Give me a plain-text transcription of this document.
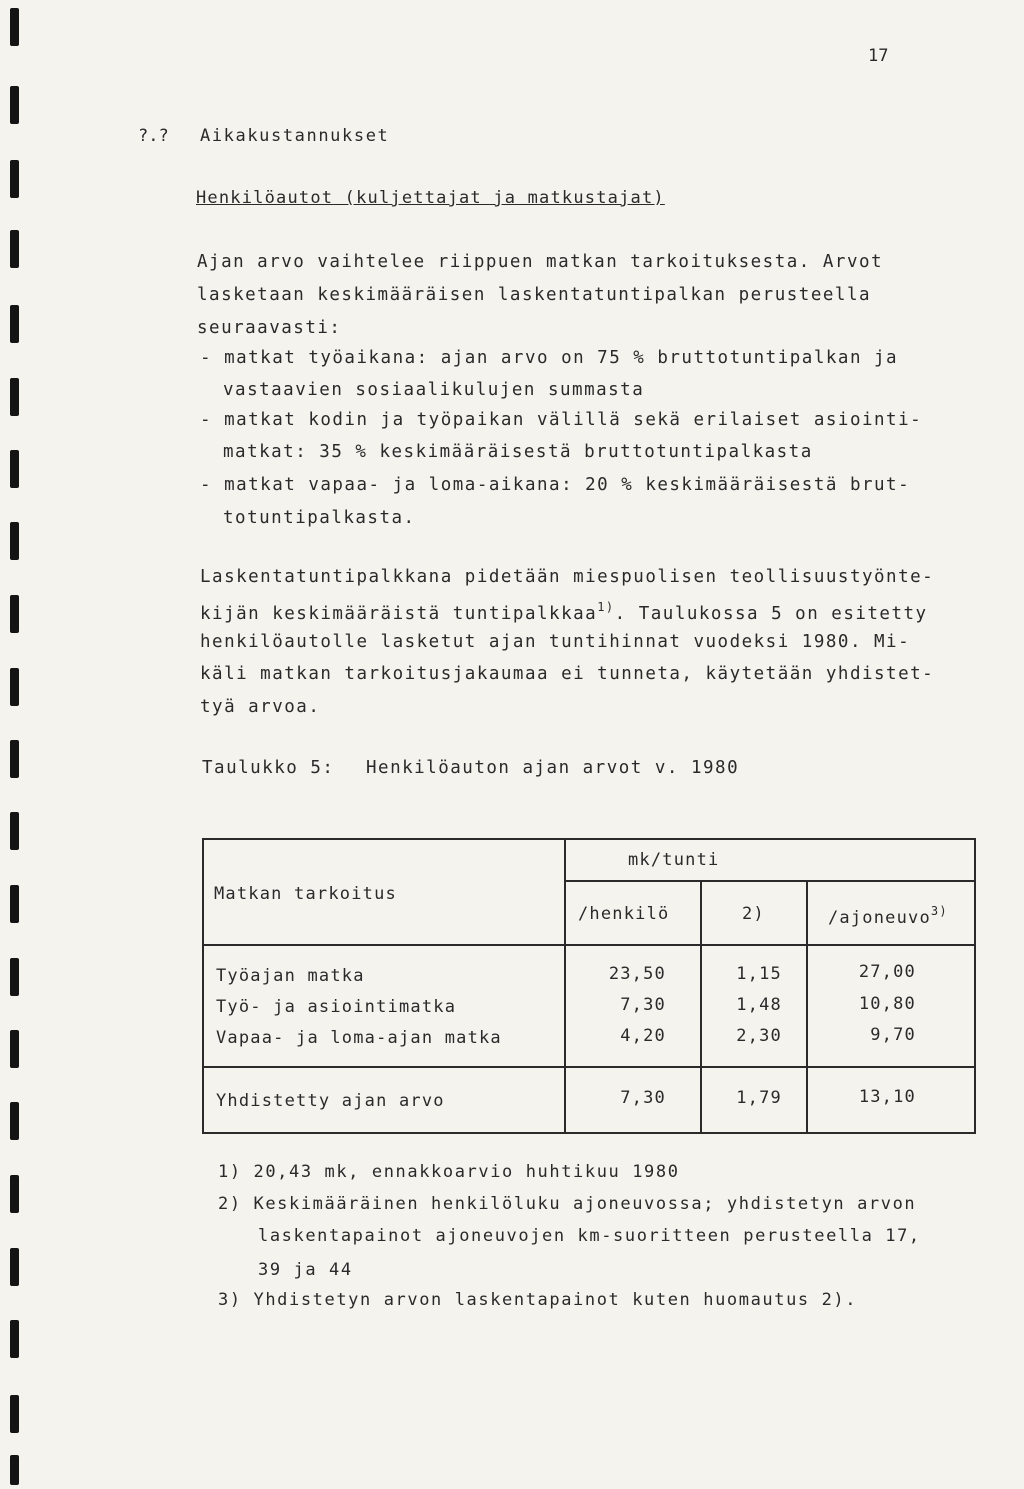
17
?.? Aikakustannukset
Henkilöautot (kuljettajat ja matkustajat)
Ajan arvo vaihtelee riippuen matkan tarkoituksesta. Arvot
lasketaan keskimääräisen laskentatuntipalkan perusteella
seuraavasti:
- matkat työaikana: ajan arvo on 75 % bruttotuntipalkan ja
vastaavien sosiaalikulujen summasta
- matkat kodin ja työpaikan välillä sekä erilaiset asiointi-
matkat: 35 % keskimääräisestä bruttotuntipalkasta
- matkat vapaa- ja loma-aikana: 20 % keskimääräisestä brut-
totuntipalkasta.
Laskentatuntipalkkana pidetään miespuolisen teollisuustyönte-
kijän keskimääräistä tuntipalkkaa$^{1)}$. Taulukossa 5 on esitetty
henkilöautolle lasketut ajan tuntihinnat vuodeksi 1980. Mi-
käli matkan tarkoitusjakaumaa ei tunneta, käytetään yhdistet-
tyä arvoa.
Taulukko 5: Henkilöauton ajan arvot v. 1980
Matkan tarkoitus
mk/tunti
/henkilö	2)	/ajoneuvo$^{3)}$
Työajan matka	23,50	1,15	27,00
Työ- ja asiointimatka	7,30	1,48	10,80
Vapaa- ja loma-ajan matka	4,20	2,30	9,70
Yhdistetty ajan arvo	7,30	1,79	13,10
1) 20,43 mk, ennakkoarvio huhtikuu 1980
2) Keskimääräinen henkilöluku ajoneuvossa; yhdistetyn arvon
laskentapainot ajoneuvojen km-suoritteen perusteella 17,
39 ja 44
3) Yhdistetyn arvon laskentapainot kuten huomautus 2).
